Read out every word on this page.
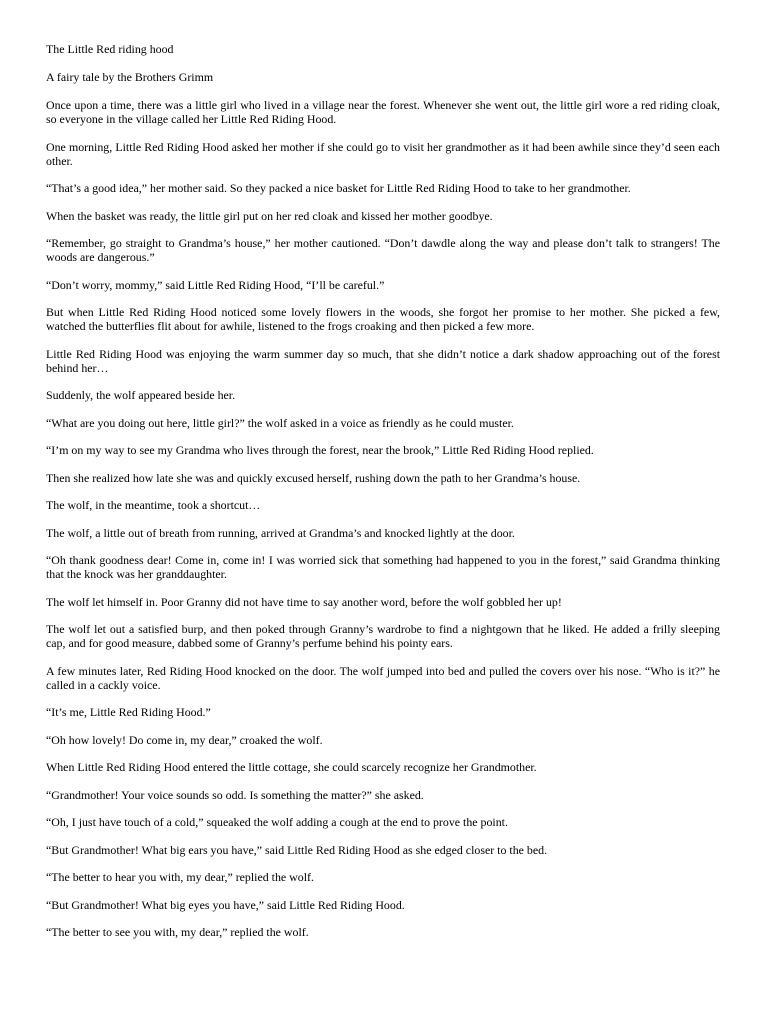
The Little Red riding hood

A fairy tale by the Brothers Grimm

Once upon a time, there was a little girl who lived in a village near the forest. Whenever she went out, the little girl wore a red riding cloak, so everyone in the village called her Little Red Riding Hood.

One morning, Little Red Riding Hood asked her mother if she could go to visit her grandmother as it had been awhile since they’d seen each other.

“That’s a good idea,” her mother said. So they packed a nice basket for Little Red Riding Hood to take to her grandmother.

When the basket was ready, the little girl put on her red cloak and kissed her mother goodbye.

“Remember, go straight to Grandma’s house,” her mother cautioned. “Don’t dawdle along the way and please don’t talk to strangers! The woods are dangerous.”

“Don’t worry, mommy,” said Little Red Riding Hood, “I’ll be careful.”

But when Little Red Riding Hood noticed some lovely flowers in the woods, she forgot her promise to her mother. She picked a few, watched the butterflies flit about for awhile, listened to the frogs croaking and then picked a few more.

Little Red Riding Hood was enjoying the warm summer day so much, that she didn’t notice a dark shadow approaching out of the forest behind her…

Suddenly, the wolf appeared beside her.

“What are you doing out here, little girl?” the wolf asked in a voice as friendly as he could muster.

“I’m on my way to see my Grandma who lives through the forest, near the brook,” Little Red Riding Hood replied.

Then she realized how late she was and quickly excused herself, rushing down the path to her Grandma’s house.

The wolf, in the meantime, took a shortcut…

The wolf, a little out of breath from running, arrived at Grandma’s and knocked lightly at the door.

“Oh thank goodness dear! Come in, come in! I was worried sick that something had happened to you in the forest,” said Grandma thinking that the knock was her granddaughter.

The wolf let himself in. Poor Granny did not have time to say another word, before the wolf gobbled her up!

The wolf let out a satisfied burp, and then poked through Granny’s wardrobe to find a nightgown that he liked. He added a frilly sleeping cap, and for good measure, dabbed some of Granny’s perfume behind his pointy ears.

A few minutes later, Red Riding Hood knocked on the door. The wolf jumped into bed and pulled the covers over his nose. “Who is it?” he called in a cackly voice.

“It’s me, Little Red Riding Hood.”

“Oh how lovely! Do come in, my dear,” croaked the wolf.

When Little Red Riding Hood entered the little cottage, she could scarcely recognize her Grandmother.

“Grandmother! Your voice sounds so odd. Is something the matter?” she asked.

“Oh, I just have touch of a cold,” squeaked the wolf adding a cough at the end to prove the point.

“But Grandmother! What big ears you have,” said Little Red Riding Hood as she edged closer to the bed.

“The better to hear you with, my dear,” replied the wolf.

“But Grandmother! What big eyes you have,” said Little Red Riding Hood.

“The better to see you with, my dear,” replied the wolf.
